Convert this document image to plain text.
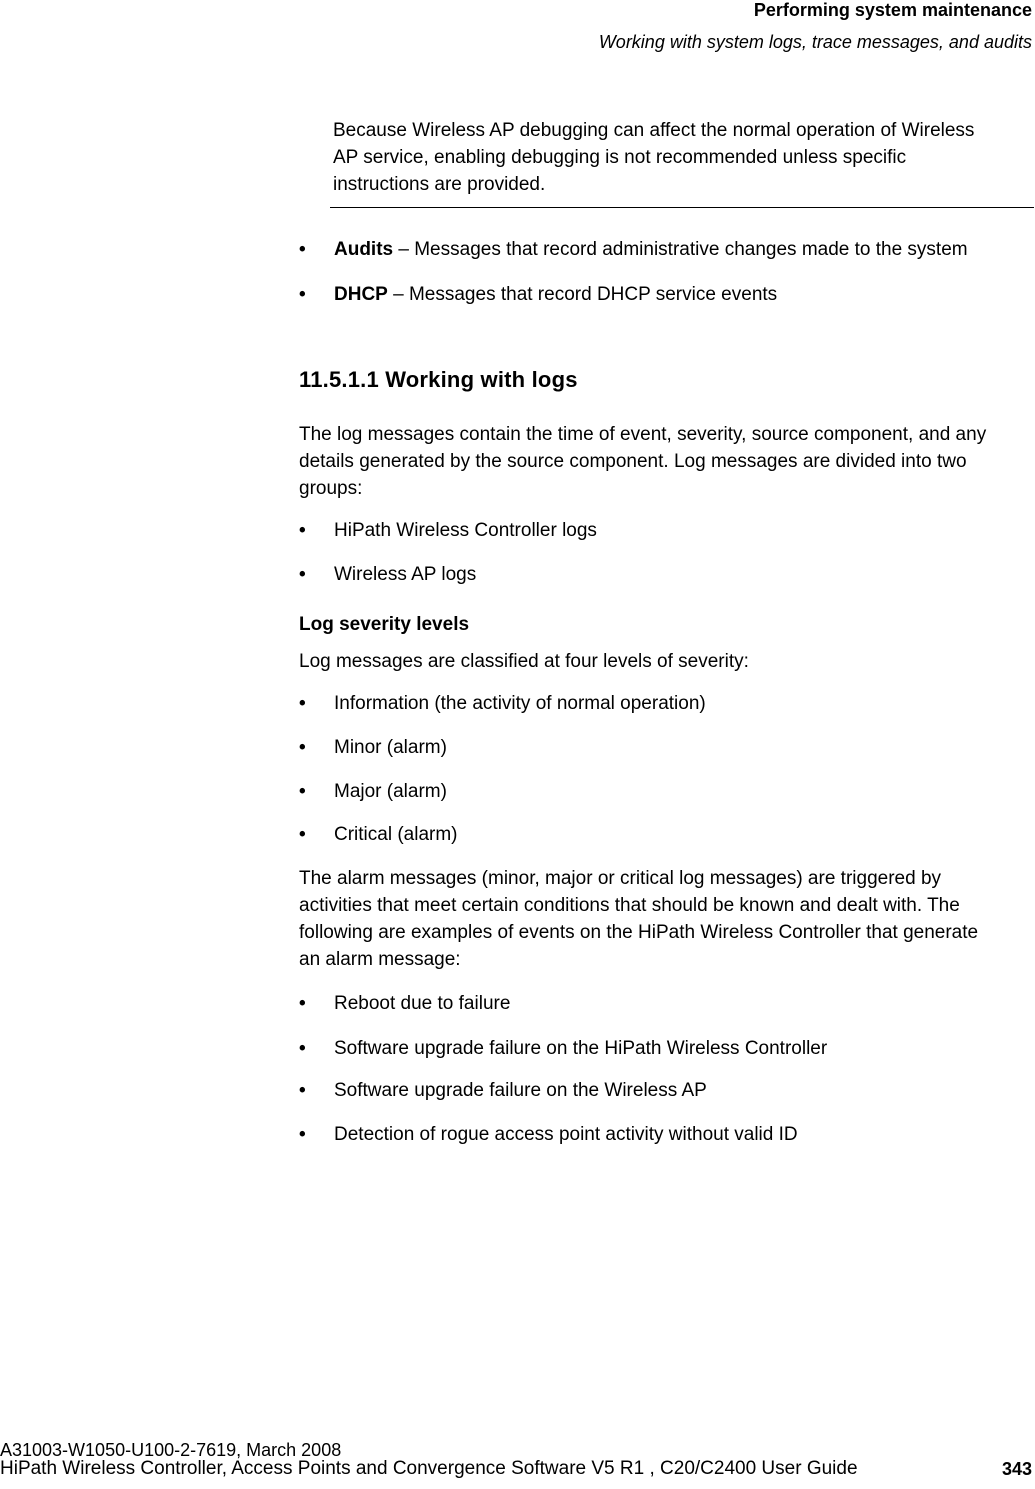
Performing system maintenance
Working with system logs, trace messages, and audits
Because Wireless AP debugging can affect the normal operation of Wireless
AP service, enabling debugging is not recommended unless specific
instructions are provided.
• Audits – Messages that record administrative changes made to the system
• DHCP – Messages that record DHCP service events
11.5.1.1 Working with logs
The log messages contain the time of event, severity, source component, and any
details generated by the source component. Log messages are divided into two
groups:
• HiPath Wireless Controller logs
• Wireless AP logs
Log severity levels
Log messages are classified at four levels of severity:
• Information (the activity of normal operation)
• Minor (alarm)
• Major (alarm)
• Critical (alarm)
The alarm messages (minor, major or critical log messages) are triggered by
activities that meet certain conditions that should be known and dealt with. The
following are examples of events on the HiPath Wireless Controller that generate
an alarm message:
• Reboot due to failure
• Software upgrade failure on the HiPath Wireless Controller
• Software upgrade failure on the Wireless AP
• Detection of rogue access point activity without valid ID
A31003-W1050-U100-2-7619, March 2008
HiPath Wireless Controller, Access Points and Convergence Software V5 R1 , C20/C2400 User Guide	343
